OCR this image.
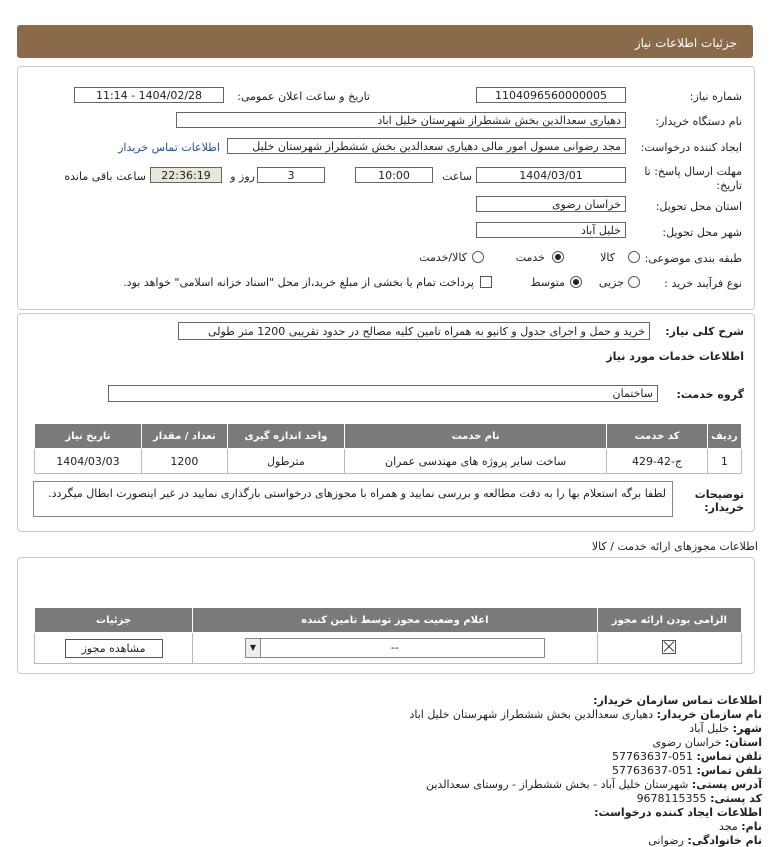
جزئیات اطلاعات نیاز
شماره نیاز:
1104096560000005
تاریخ و ساعت اعلان عمومی:
1404/02/28 - 11:14
نام دستگاه خریدار:
دهیاری سعدالدین بخش ششطراز شهرستان خلیل اباد
ایجاد کننده درخواست:
مجد رضوانی مسول امور مالی دهیاری سعدالدین بخش ششطراز شهرستان خلیل
اطلاعات تماس خریدار
مهلت ارسال پاسخ: تا
تاریخ:
1404/03/01
ساعت
10:00
3
روز و
22:36:19
ساعت باقی مانده
استان محل تحویل:
خراسان رضوی
شهر محل تحویل:
خلیل آباد
طبقه بندی موضوعی:
کالا
خدمت
کالا/خدمت
نوع فرآیند خرید :
جزیی
متوسط
پرداخت تمام یا بخشی از مبلغ خرید،از محل "اسناد خزانه اسلامی" خواهد بود.
شرح کلی نیاز:
خرید و حمل و اجرای جدول و کانیو به همراه تامین کلیه مصالح در حدود تقریبی 1200 متر طولی
اطلاعات خدمات مورد نیاز
گروه خدمت:
ساختمان
ردیف	کد خدمت	نام خدمت	واحد اندازه گیری	تعداد / مقدار	تاریخ نیاز
1	ج-42-429	ساخت سایر پروژه های مهندسی عمران	مترطول	1200	1404/03/03
توضیحات خریدار:
لطفا برگه استعلام بها را به دقت مطالعه و بررسی نمایید و همراه با مجوزهای درخواستی بارگذاری نمایید در غیر اینصورت ابطال میگردد.
اطلاعات مجوزهای ارائه خدمت / کالا
الزامی بودن ارائه مجوز	اعلام وضعیت مجوز توسط تامین کننده	جزئیات

	▼ --	مشاهده مجوز
اطلاعات تماس سازمان خریدار:
نام سازمان خریدار: دهیاری سعدالدین بخش ششطراز شهرستان خلیل اباد
شهر: خلیل آباد
استان: خراسان رضوی
تلفن تماس: 051-57763637
تلفن تماس: 051-57763637
آدرس پستی: شهرستان خلیل آباد - بخش ششطراز - روستای سعدالدین
کد پستی: 9678115355
اطلاعات ایجاد کننده درخواست:
نام: مجد
نام خانوادگی: رضوانی
